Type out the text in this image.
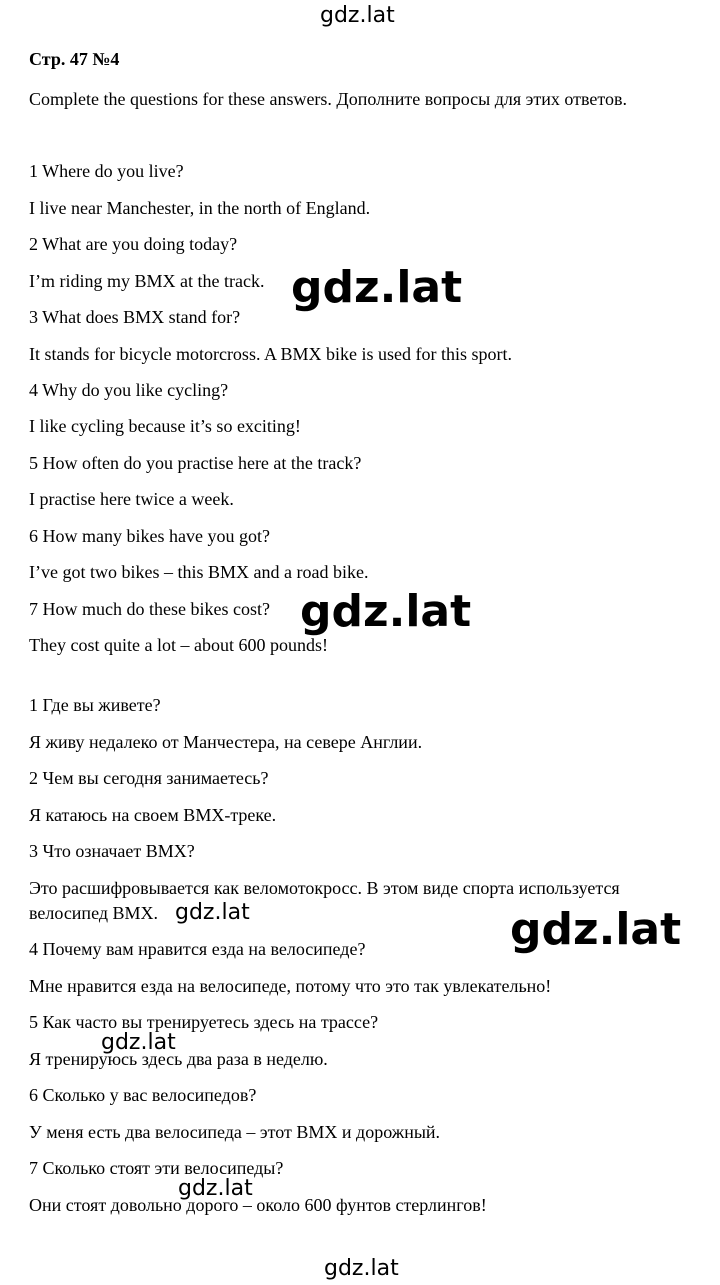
Стр. 47 №4
Complete the questions for these answers. Дополните вопросы для этих ответов.
1 Where do you live?
I live near Manchester, in the north of England.
2 What are you doing today?
I’m riding my BMX at the track.
3 What does BMX stand for?
It stands for bicycle motorcross. A BMX bike is used for this sport.
4 Why do you like cycling?
I like cycling because it’s so exciting!
5 How often do you practise here at the track?
I practise here twice a week.
6 How many bikes have you got?
I’ve got two bikes – this BMX and a road bike.
7 How much do these bikes cost?
They cost quite a lot – about 600 pounds!
1 Где вы живете?
Я живу недалеко от Манчестера, на севере Англии.
2 Чем вы сегодня занимаетесь?
Я катаюсь на своем BMX-треке.
3 Что означает BMX?
Это расшифровывается как веломотокросс. В этом виде спорта используется
велосипед BMX.
4 Почему вам нравится езда на велосипеде?
Мне нравится езда на велосипеде, потому что это так увлекательно!
5 Как часто вы тренируетесь здесь на трассе?
Я тренируюсь здесь два раза в неделю.
6 Сколько у вас велосипедов?
У меня есть два велосипеда – этот BMX и дорожный.
7 Сколько стоят эти велосипеды?
Они стоят довольно дорого – около 600 фунтов стерлингов!
gdz.lat
gdz.lat
gdz.lat
gdz.lat	gdz.lat
gdz.lat
gdz.lat
gdz.lat
